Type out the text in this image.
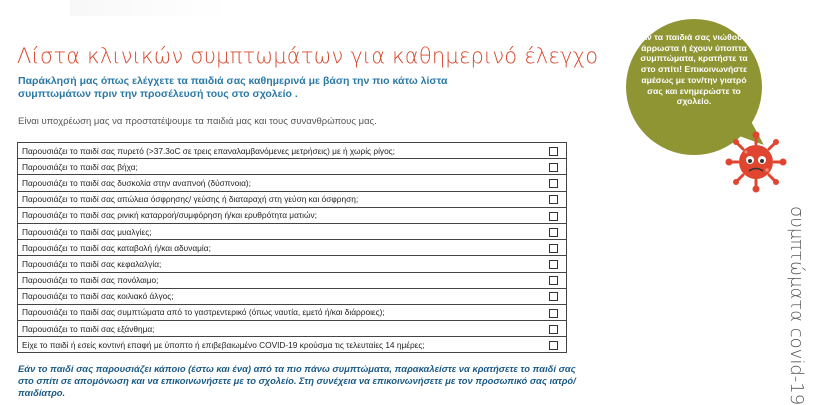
Λίστα κλινικών συμπτωμάτων για καθημερινό έλεγχο
Παράκλησή μας όπως ελέγχετε τα παιδιά σας καθημερινά με βάση την πιο κάτω λίστα συμπτωμάτων πριν την προσέλευσή τους στο σχολείο .
Είναι υποχρέωση μας να προστατέψουμε τα παιδιά μας και τους συνανθρώπους μας.
Παρουσιάζει το παιδί σας πυρετό (>37.3oC σε τρεις επαναλαμβανόμενες μετρήσεις) με ή χωρίς ρίγος;	
Παρουσιάζει το παιδί σας βήχα;	
Παρουσιάζει το παιδί σας δυσκολία στην αναπνοή (δύσπνοια);	
Παρουσιάζει το παιδί σας απώλεια όσφρησης/ γεύσης ή διαταραχή στη γεύση και όσφρηση;	
Παρουσιάζει το παιδί σας ρινική καταρροή/συμφόρηση ή/και ερυθρότητα ματιών;	
Παρουσιάζει το παιδί σας μυαλγίες;	
Παρουσιάζει το παιδί σας καταβολή ή/και αδυναμία;	
Παρουσιάζει το παιδί σας κεφαλαλγία;	
Παρουσιάζει το παιδί σας πονόλαιμο;	
Παρουσιάζει το παιδί σας κοιλιακό άλγος;	
Παρουσιάζει το παιδί σας συμπτώματα από το γαστρεντερικό (όπως ναυτία, εμετό ή/και διάρροιες);	
Παρουσιάζει το παιδί σας εξάνθημα;	
Είχε το παιδί ή εσείς κοντινή επαφή με ύποπτο ή επιβεβαιωμένο COVID-19 κρούσμα τις τελευταίες 14 ημέρες;	
Εάν το παιδί σας παρουσιάζει κάποιο (έστω και ένα) από τα πιο πάνω συμπτώματα, παρακαλείστε να κρατήσετε το παιδί σας στο σπίτι σε απομόνωση και να επικοινωνήσετε με το σχολείο. Στη συνέχεια να επικοινωνήσετε με τον προσωπικό σας ιατρό/παιδίατρο.
Αν τα παιδιά σας νιώθουν άρρωστα ή έχουν ύποπτα συμπτώματα, κρατήστε τα στο σπίτι! Επικοινωνήστε αμέσως με τον/την γιατρό σας και ενημερώστε το σχολείο.
συμπτώματα covid-19
